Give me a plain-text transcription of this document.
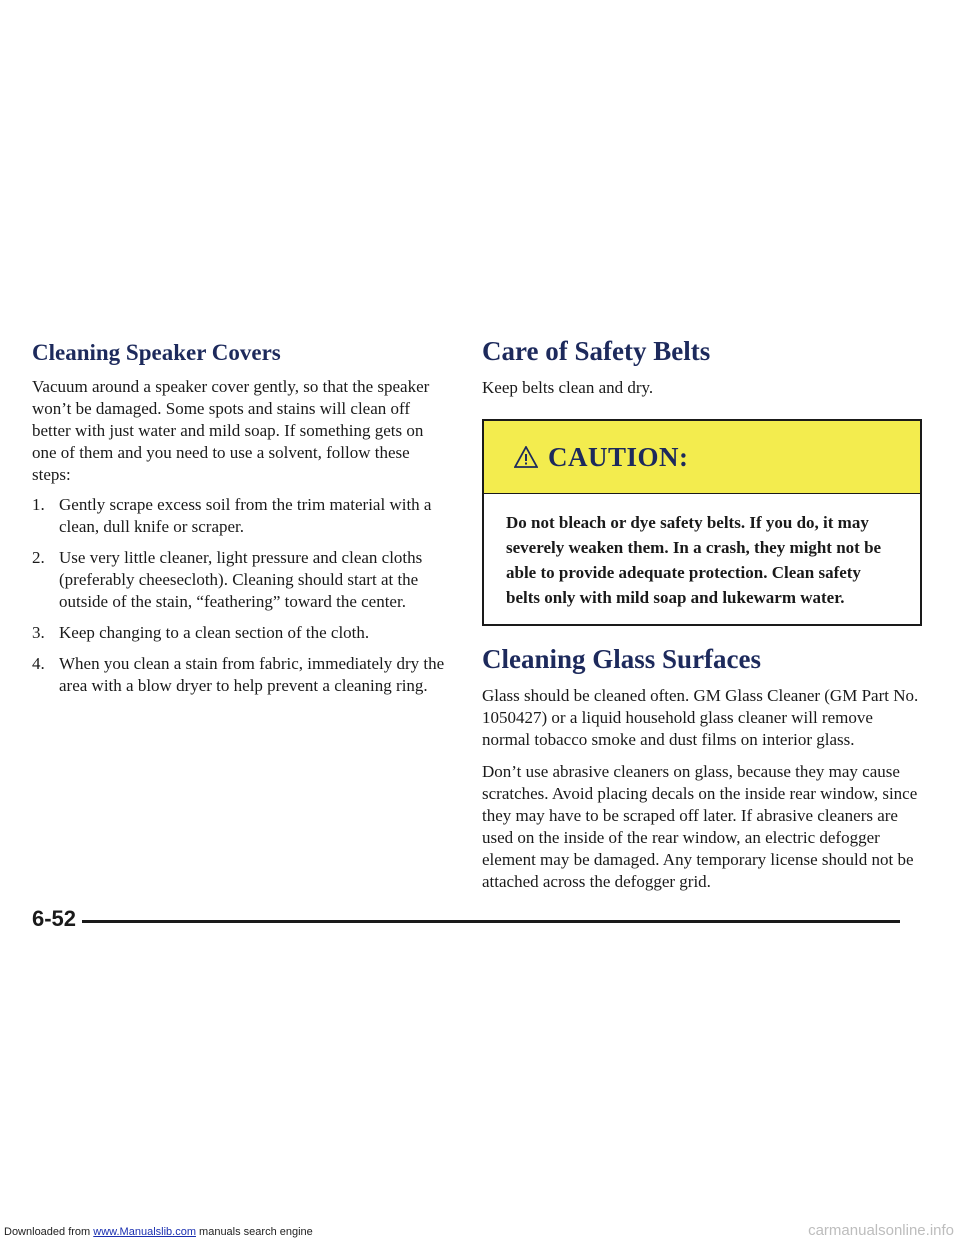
Cleaning Speaker Covers

Vacuum around a speaker cover gently, so that the speaker won’t be damaged. Some spots and stains will clean off better with just water and mild soap. If something gets on one of them and you need to use a solvent, follow these steps:

1. Gently scrape excess soil from the trim material with a clean, dull knife or scraper.
2. Use very little cleaner, light pressure and clean cloths (preferably cheesecloth). Cleaning should start at the outside of the stain, “feathering” toward the center.
3. Keep changing to a clean section of the cloth.
4. When you clean a stain from fabric, immediately dry the area with a blow dryer to help prevent a cleaning ring.
Care of Safety Belts

Keep belts clean and dry.

CAUTION:
Do not bleach or dye safety belts. If you do, it may severely weaken them. In a crash, they might not be able to provide adequate protection. Clean safety belts only with mild soap and lukewarm water.
Cleaning Glass Surfaces

Glass should be cleaned often. GM Glass Cleaner (GM Part No. 1050427) or a liquid household glass cleaner will remove normal tobacco smoke and dust films on interior glass.

Don’t use abrasive cleaners on glass, because they may cause scratches. Avoid placing decals on the inside rear window, since they may have to be scraped off later. If abrasive cleaners are used on the inside of the rear window, an electric defogger element may be damaged. Any temporary license should not be attached across the defogger grid.

6-52
Downloaded from www.Manualslib.com manuals search engine	carmanualsonline.info
